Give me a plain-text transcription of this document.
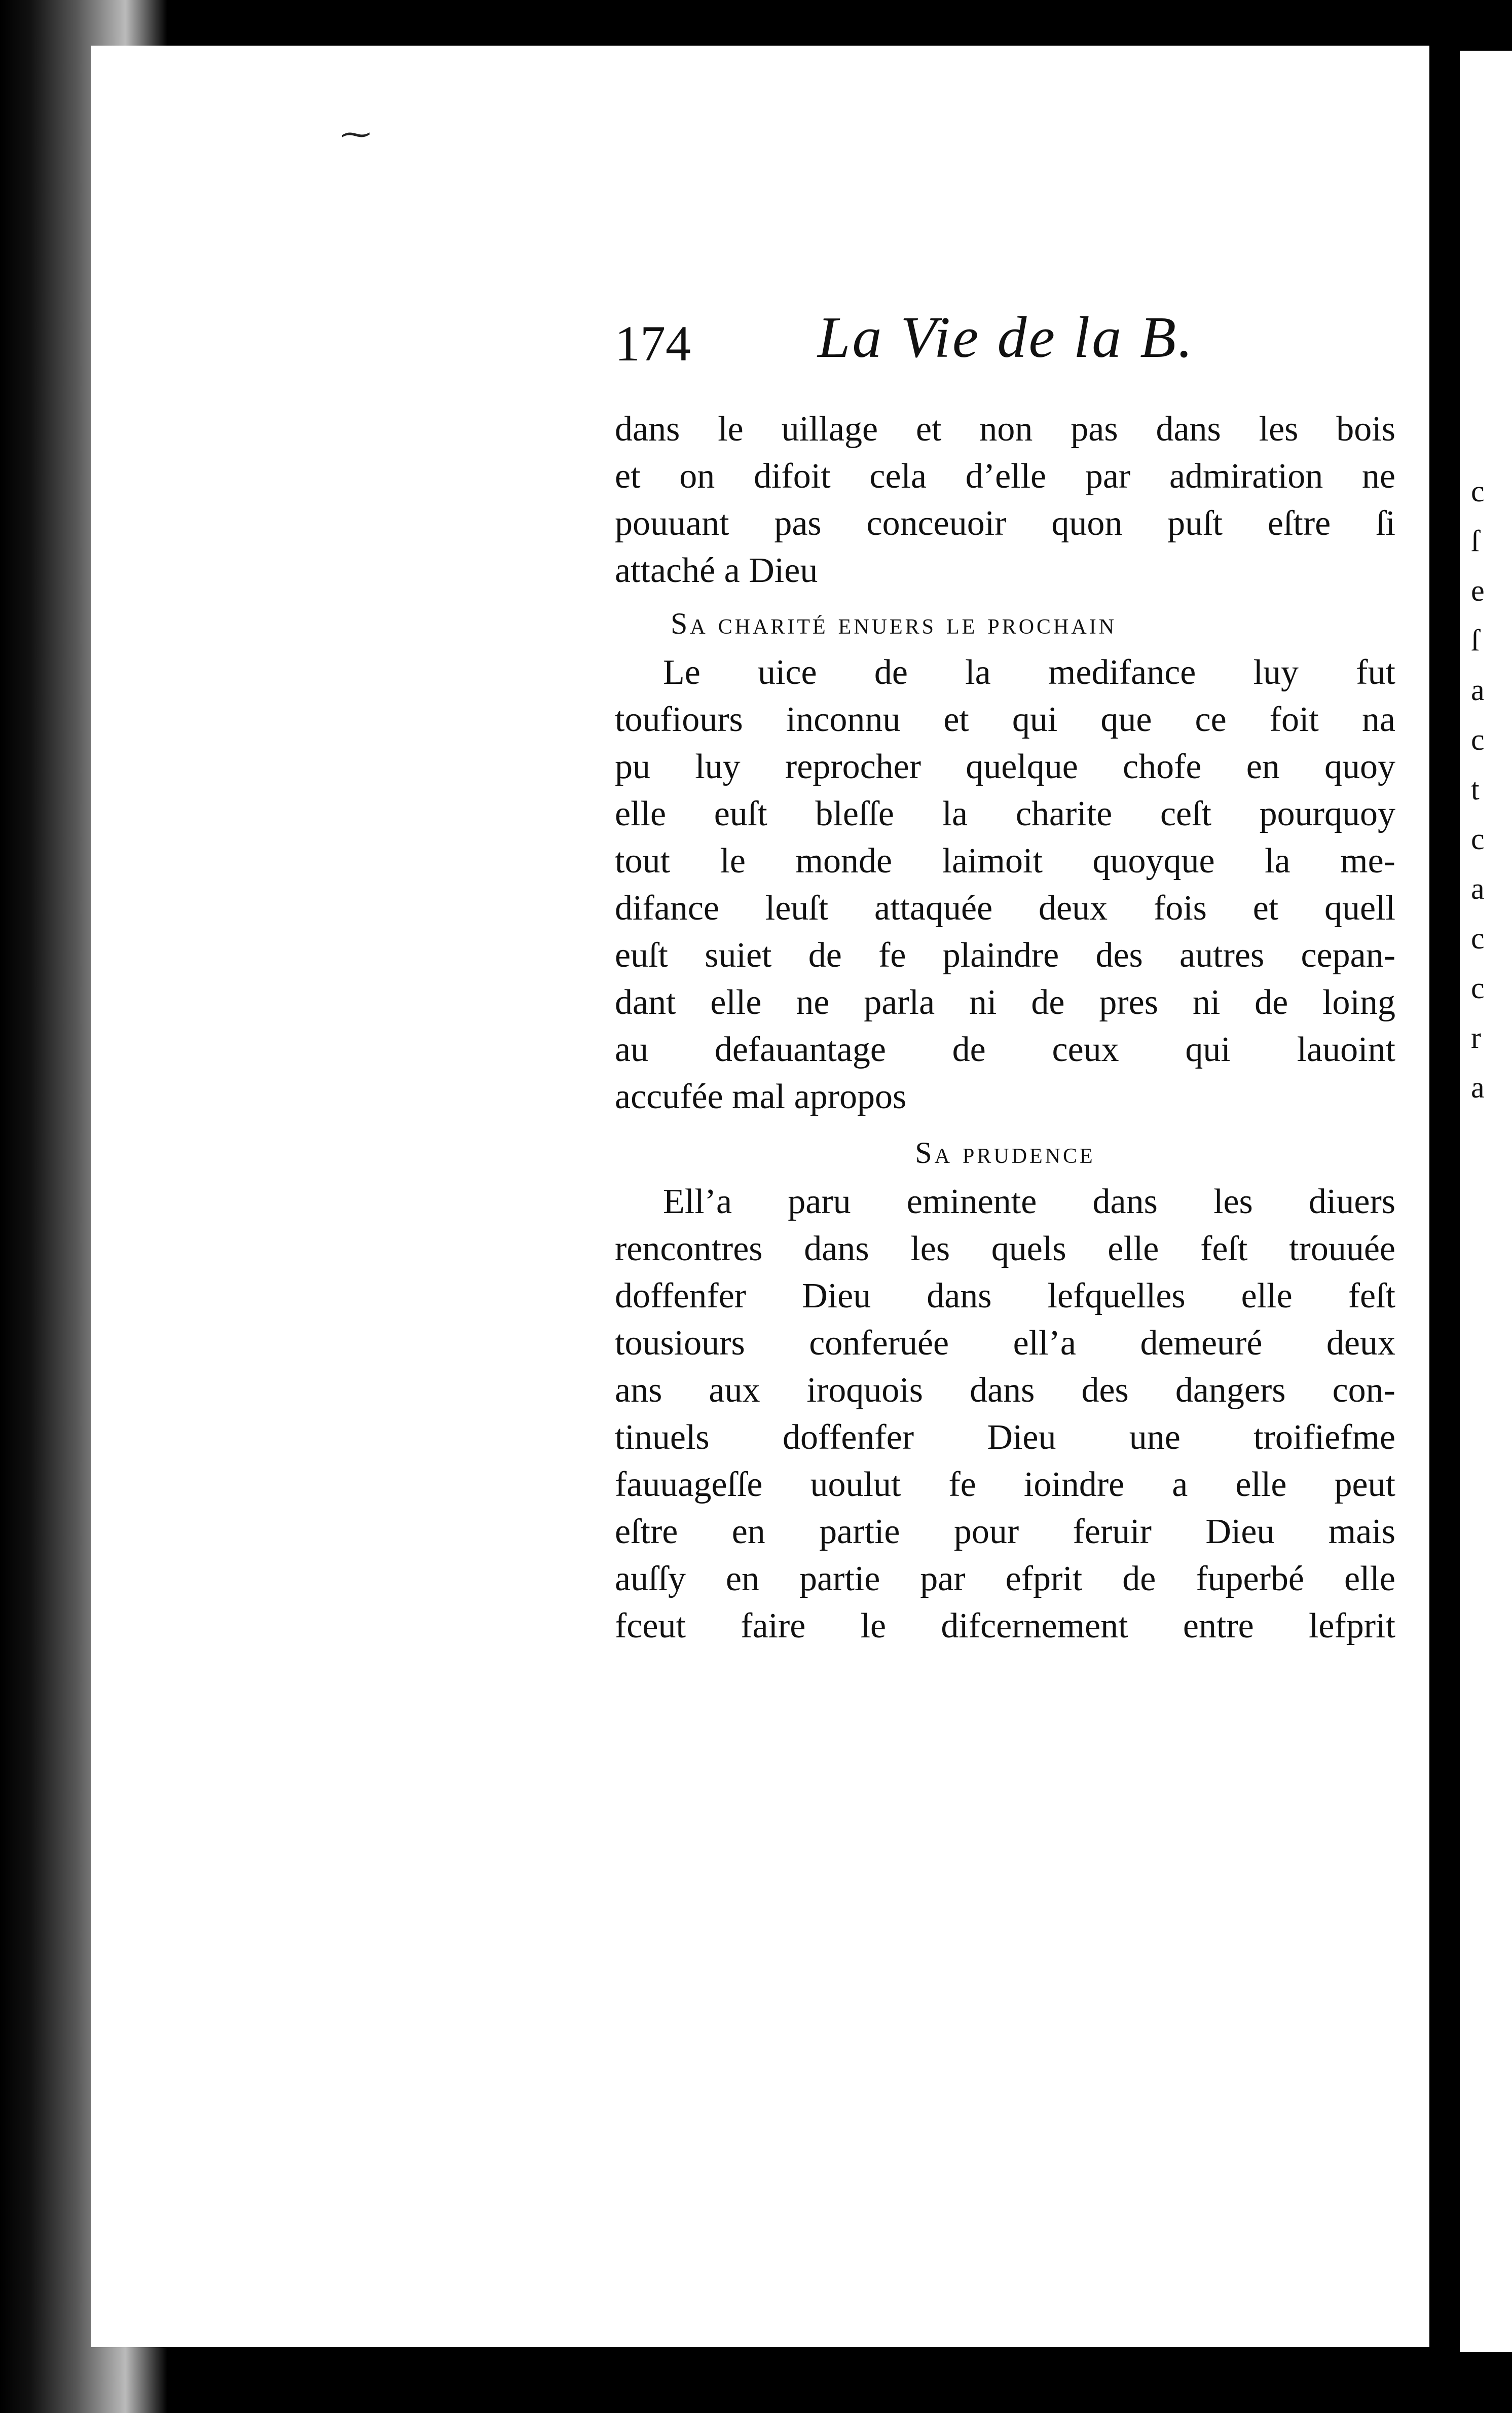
c
ſ
e
ſ
a
c
t
c
a
c
c
r
a
⁓
174 La Vie de la B.
dans le uillage et non pas dans les bois
et on difoit cela d’elle par admiration ne
pouuant pas conceuoir quon puſt eſtre ſi
attaché a Dieu
Sa charité enuers le prochain
Le uice de la medifance luy fut
toufiours inconnu et qui que ce foit na
pu luy reprocher quelque chofe en quoy
elle euſt bleſſe la charite ceſt pourquoy
tout le monde laimoit quoyque la me-
difance leuſt attaquée deux fois et quell
euſt suiet de fe plaindre des autres cepan-
dant elle ne parla ni de pres ni de loing
au defauantage de ceux qui lauoint
accufée mal apropos
Sa prudence
Ell’a paru eminente dans les diuers
rencontres dans les quels elle feſt trouuée
doffenfer Dieu dans lefquelles elle feſt
tousiours conferuée ell’a demeuré deux
ans aux iroquois dans des dangers con-
tinuels doffenfer Dieu une troifiefme
fauuageſſe uoulut fe ioindre a elle peut
eſtre en partie pour feruir Dieu mais
auſſy en partie par efprit de fuperbé elle
fceut faire le difcernement entre lefprit
